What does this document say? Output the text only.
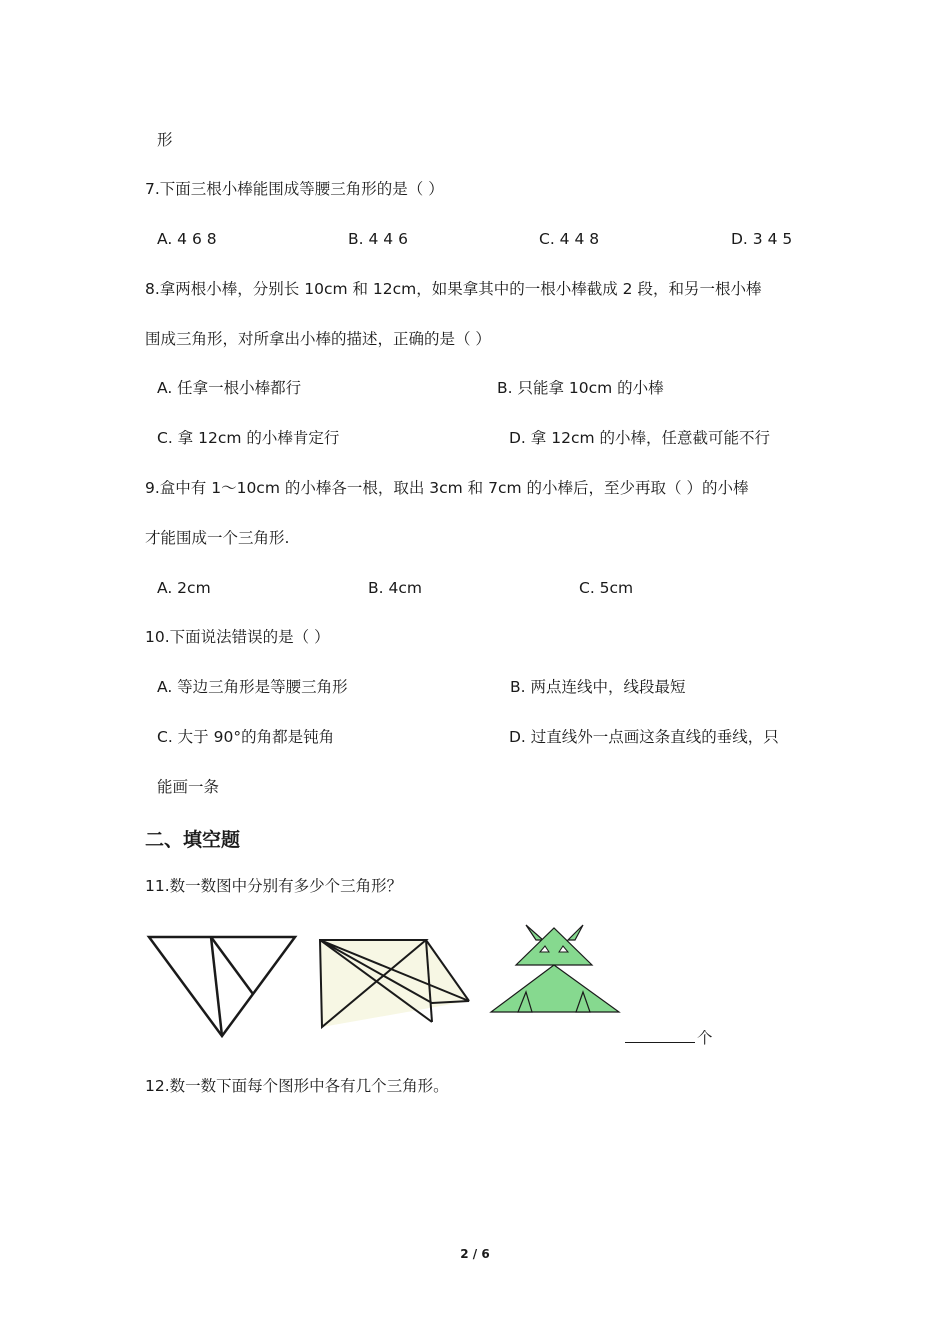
形
7.下面三根小棒能围成等腰三角形的是（ ）
A. 4 6 8	B. 4 4 6	C. 4 4 8	D. 3 4 5
8.拿两根小棒，分别长 10cm 和 12cm，如果拿其中的一根小棒截成 2 段，和另一根小棒
围成三角形，对所拿出小棒的描述，正确的是（ ）
A. 任拿一根小棒都行	B. 只能拿 10cm 的小棒
C. 拿 12cm 的小棒肯定行	D. 拿 12cm 的小棒，任意截可能不行
9.盒中有 1～10cm 的小棒各一根，取出 3cm 和 7cm 的小棒后，至少再取（ ）的小棒
才能围成一个三角形.
A. 2cm	B. 4cm	C. 5cm
10.下面说法错误的是（ ）
A. 等边三角形是等腰三角形	B. 两点连线中，线段最短
C. 大于 90°的角都是钝角	D. 过直线外一点画这条直线的垂线，只
能画一条
二、填空题
11.数一数图中分别有多少个三角形？
个
12.数一数下面每个图形中各有几个三角形。
2 / 6
